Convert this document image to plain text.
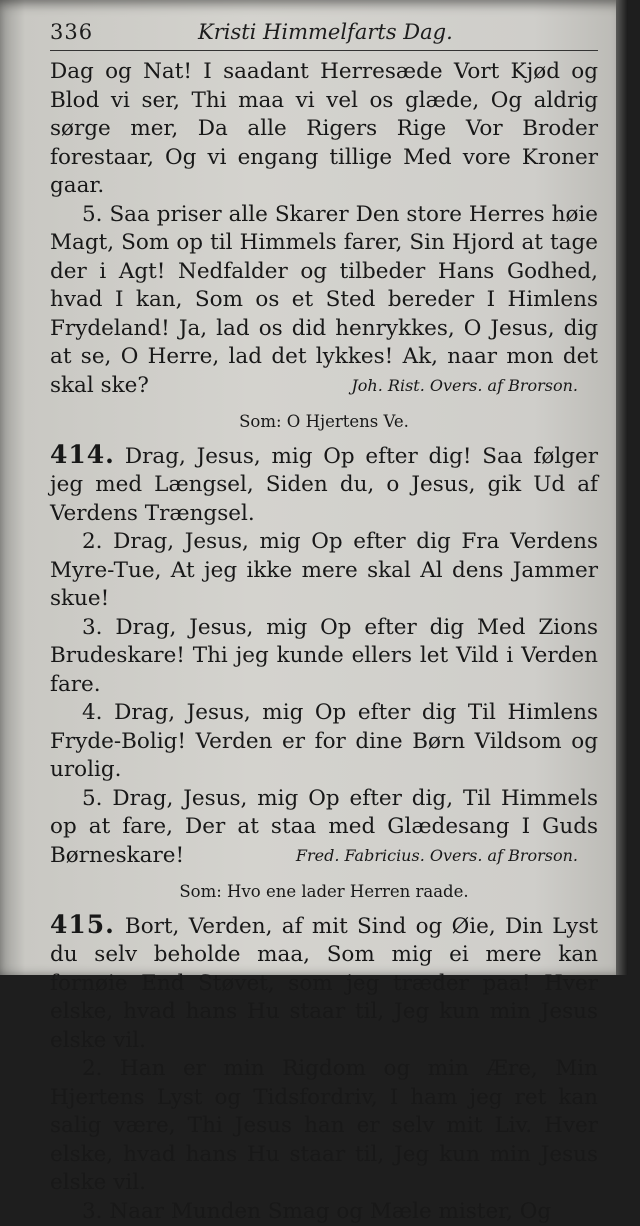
336	Kristi Himmelfarts Dag.

Dag og Nat! I saadant Herresæde Vort Kjød og Blod vi ser, Thi maa vi vel os glæde, Og aldrig sørge mer, Da alle Rigers Rige Vor Broder forestaar, Og vi engang tillige Med vore Kroner gaar.

5. Saa priser alle Skarer Den store Herres høie Magt, Som op til Himmels farer, Sin Hjord at tage der i Agt! Nedfalder og tilbeder Hans Godhed, hvad I kan, Som os et Sted bereder I Himlens Frydeland! Ja, lad os did henrykkes, O Jesus, dig at se, O Herre, lad det lykkes! Ak, naar mon det skal ske?	Joh. Rist. Overs. af Brorson.

Som: O Hjertens Ve.

414. Drag, Jesus, mig Op efter dig! Saa følger jeg med Længsel, Siden du, o Jesus, gik Ud af Verdens Trængsel.

2. Drag, Jesus, mig Op efter dig Fra Verdens Myre-Tue, At jeg ikke mere skal Al dens Jammer skue!

3. Drag, Jesus, mig Op efter dig Med Zions Brudeskare! Thi jeg kunde ellers let Vild i Verden fare.

4. Drag, Jesus, mig Op efter dig Til Himlens Fryde-Bolig! Verden er for dine Børn Vildsom og urolig.

5. Drag, Jesus, mig Op efter dig, Til Himmels op at fare, Der at staa med Glædesang I Guds Børneskare!	Fred. Fabricius. Overs. af Brorson.

Som: Hvo ene lader Herren raade.

415. Bort, Verden, af mit Sind og Øie, Din Lyst du selv beholde maa, Som mig ei mere kan fornøie End Støvet, som jeg træder paa! Hver elske, hvad hans Hu staar til, Jeg kun min Jesus elske vil.

2. Han er min Rigdom og min Ære, Min Hjertens Lyst og Tidsfordriv, I ham jeg ret kan salig være, Thi Jesus han er selv mit Liv. Hver elske, hvad hans Hu staar til, Jeg kun min Jesus elske vil.

3. Naar Munden Smag og Mæle mister, Og
